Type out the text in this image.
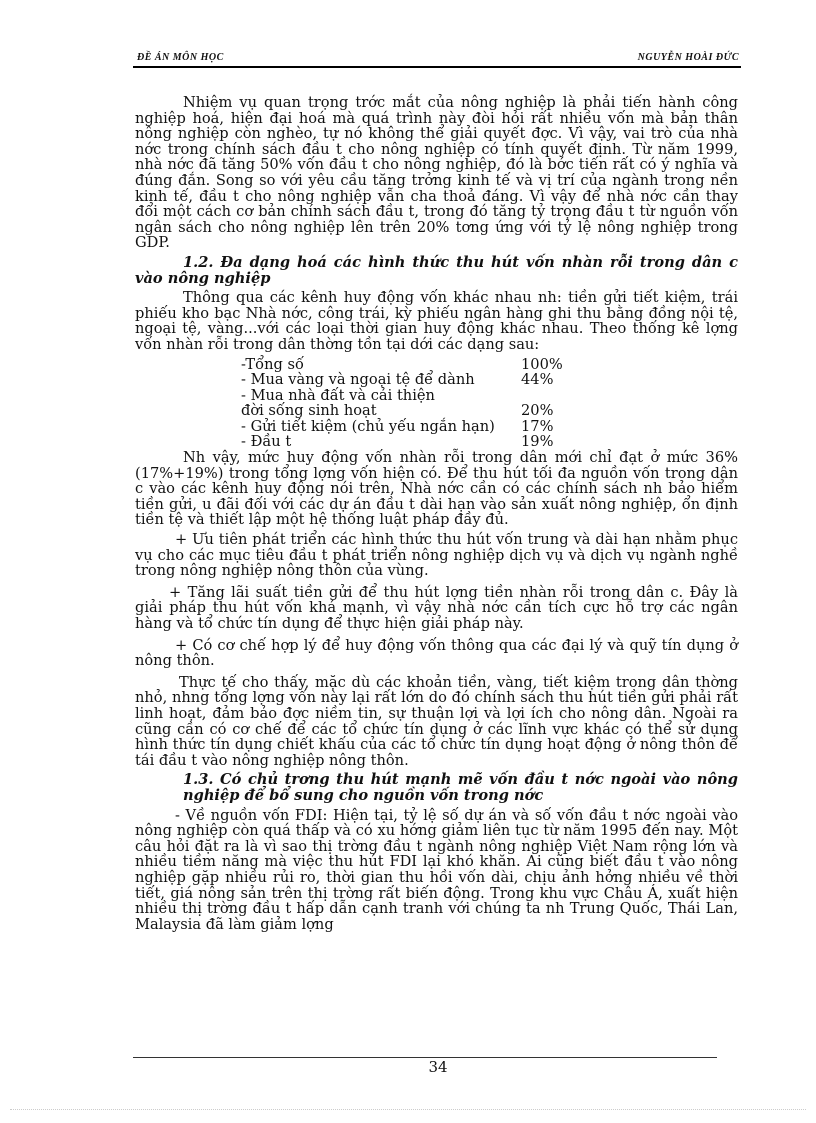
ĐỀ ÁN MÔN HỌC	NGUYỄN HOÀI ĐỨC

Nhiệm vụ quan trọng trớc mắt của nông nghiệp là phải tiến hành công nghiệp hoá, hiện đại hoá mà quá trình này đòi hỏi rất nhiều vốn mà bản thân nông nghiệp còn nghèo, tự nó không thể giải quyết đợc. Vì vậy, vai trò của nhà nớc trong chính sách đầu t cho nông nghiệp có tính quyết định. Từ năm 1999, nhà nớc đã tăng 50% vốn đầu t cho nông nghiệp, đó là bớc tiến rất có ý nghĩa và đúng đắn. Song so với yêu cầu tăng trởng kinh tế và vị trí của ngành trong nền kinh tế, đầu t cho nông nghiệp vẫn cha thoả đáng. Vì vậy để nhà nớc cần thay đổi một cách cơ bản chính sách đầu t, trong đó tăng tỷ trọng đầu t từ nguồn vốn ngân sách cho nông nghiệp lên trên 20% tơng ứng với tỷ lệ nông nghiệp trong GDP.

1.2. Đa dạng hoá các hình thức thu hút vốn nhàn rỗi trong dân c vào nông nghiệp

Thông qua các kênh huy động vốn khác nhau nh: tiền gửi tiết kiệm, trái phiếu kho bạc Nhà nớc, công trái, kỳ phiếu ngân hàng ghi thu bằng đồng nội tệ, ngoại tệ, vàng...với các loại thời gian huy động khác nhau. Theo thống kê lợng vốn nhàn rỗi trong dân thờng tồn tại dới các dạng sau:

-Tổng số	100%
- Mua vàng và ngoại tệ để dành	44%
- Mua nhà đất và cải thiện	
đời sống sinh hoạt	20%
- Gửi tiết kiệm (chủ yếu ngắn hạn)	17%
- Đầu t	19%

Nh vậy, mức huy động vốn nhàn rỗi trong dân mới chỉ đạt ở mức 36% (17%+19%) trong tổng lợng vốn hiện có. Để thu hút tối đa nguồn vốn trong dân c vào các kênh huy động nói trên, Nhà nớc cần có các chính sách nh bảo hiểm tiền gửi, u đãi đối với các dự án đầu t dài hạn vào sản xuất nông nghiệp, ổn định tiền tệ và thiết lập một hệ thống luật pháp đầy đủ.

+ Ưu tiên phát triển các hình thức thu hút vốn trung và dài hạn nhằm phục vụ cho các mục tiêu đầu t phát triển nông nghiệp dịch vụ và dịch vụ ngành nghề trong nông nghiệp nông thôn của vùng.

+ Tăng lãi suất tiền gửi để thu hút lợng tiền nhàn rỗi trong dân c. Đây là giải pháp thu hút vốn khá mạnh, vì vậy nhà nớc cần tích cực hỗ trợ các ngân hàng và tổ chức tín dụng để thực hiện giải pháp này.

+ Có cơ chế hợp lý để huy động vốn thông qua các đại lý và quỹ tín dụng ở nông thôn.

Thực tế cho thấy, mặc dù các khoản tiền, vàng, tiết kiệm trong dân thờng nhỏ, nhng tổng lợng vốn này lại rất lớn do đó chính sách thu hút tiền gửi phải rất linh hoạt, đảm bảo đợc niềm tin, sự thuận lợi và lợi ích cho nông dân. Ngoài ra cũng cần có cơ chế để các tổ chức tín dụng ở các lĩnh vực khác có thể sử dụng hình thức tín dụng chiết khấu của các tổ chức tín dụng hoạt động ở nông thôn để tái đầu t vào nông nghiệp nông thôn.

1.3. Có chủ trơng thu hút mạnh mẽ vốn đầu t nớc ngoài vào nông nghiệp để bổ sung cho nguồn vốn trong nớc

- Về nguồn vốn FDI: Hiện tại, tỷ lệ số dự án và số vốn đầu t nớc ngoài vào nông nghiệp còn quá thấp và có xu hớng giảm liên tục từ năm 1995 đến nay. Một câu hỏi đặt ra là vì sao thị trờng đầu t ngành nông nghiệp Việt Nam rộng lớn và nhiều tiềm năng mà việc thu hút FDI lại khó khăn. Ai cũng biết đầu t vào nông nghiệp gặp nhiều rủi ro, thời gian thu hồi vốn dài, chịu ảnh hởng nhiều về thời tiết, giá nông sản trên thị trờng rất biến động. Trong khu vực Châu Á, xuất hiện nhiều thị trờng đầu t hấp dẫn cạnh tranh với chúng ta nh Trung Quốc, Thái Lan, Malaysia đã làm giảm lợng

34
